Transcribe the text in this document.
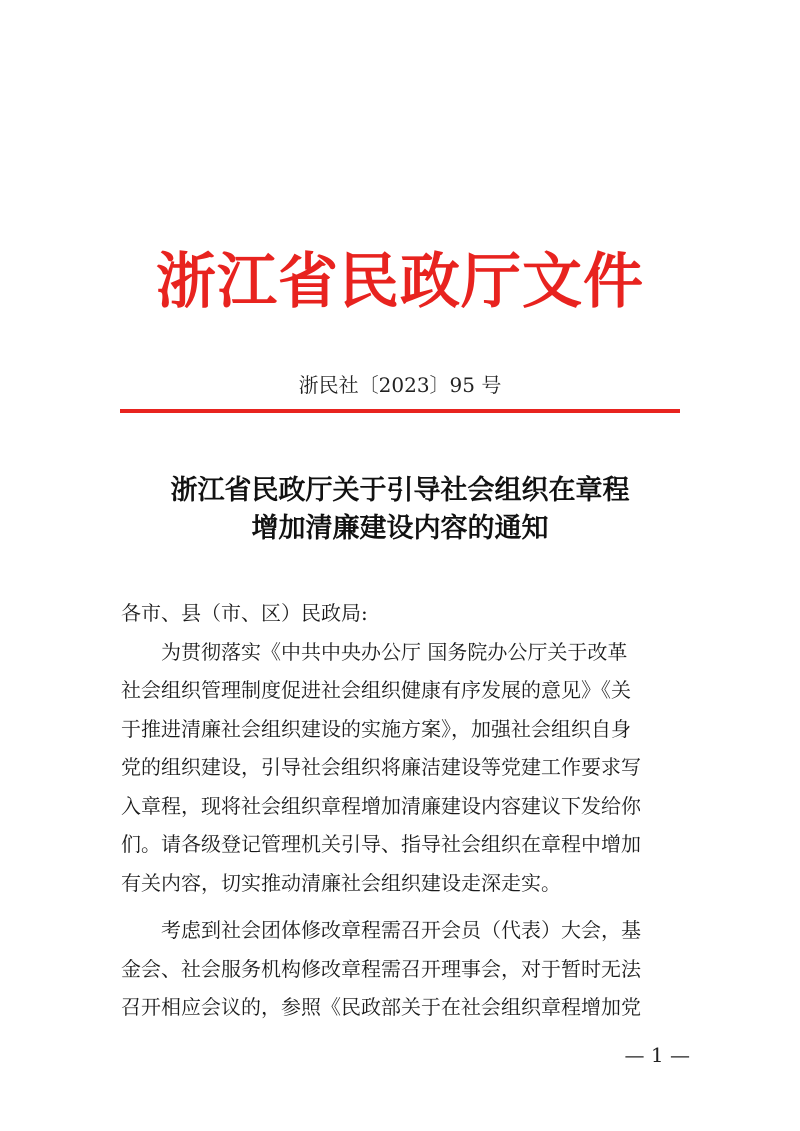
浙江省民政厅文件
浙民社〔2023〕95 号
浙江省民政厅关于引导社会组织在章程
增加清廉建设内容的通知
各市、县（市、区）民政局:
为贯彻落实《中共中央办公厅 国务院办公厅关于改革
社会组织管理制度促进社会组织健康有序发展的意见》《关
于推进清廉社会组织建设的实施方案》，加强社会组织自身
党的组织建设，引导社会组织将廉洁建设等党建工作要求写
入章程，现将社会组织章程增加清廉建设内容建议下发给你
们。请各级登记管理机关引导、指导社会组织在章程中增加
有关内容，切实推动清廉社会组织建设走深走实。
考虑到社会团体修改章程需召开会员（代表）大会，基
金会、社会服务机构修改章程需召开理事会，对于暂时无法
召开相应会议的，参照《民政部关于在社会组织章程增加党
— 1 —
